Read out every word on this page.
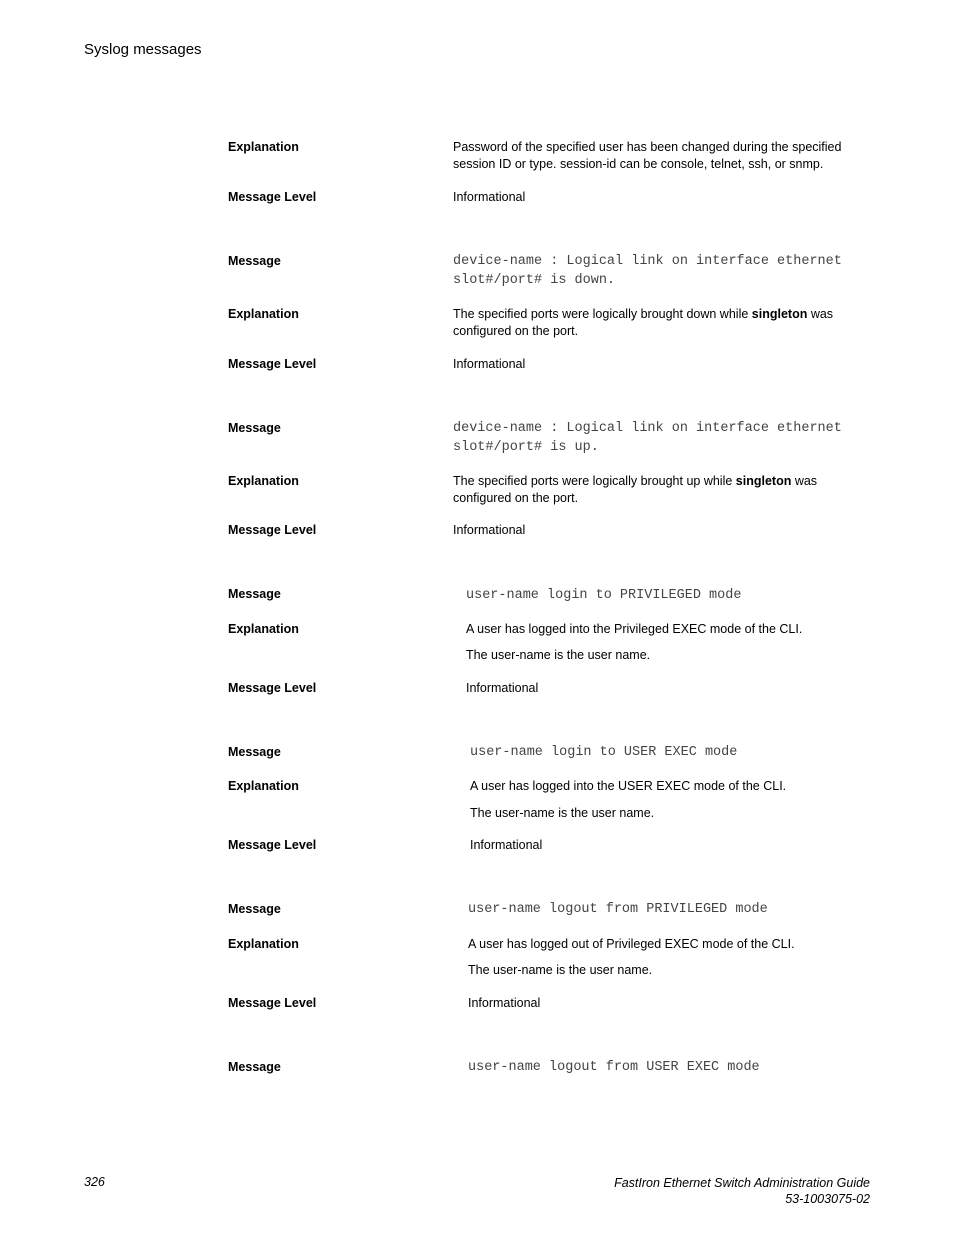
Syslog messages
Explanation	Password of the specified user has been changed during the specified
session ID or type. session-id can be console, telnet, ssh, or snmp.
Message Level	Informational
Message	device-name : Logical link on interface ethernet
slot#/port# is down.
Explanation	The specified ports were logically brought down while singleton was
configured on the port.
Message Level	Informational
Message	device-name : Logical link on interface ethernet
slot#/port# is up.
Explanation	The specified ports were logically brought up while singleton was
configured on the port.
Message Level	Informational
Message	user-name login to PRIVILEGED mode
Explanation	A user has logged into the Privileged EXEC mode of the CLI.
The user-name is the user name.
Message Level	Informational
Message	user-name login to USER EXEC mode
Explanation	A user has logged into the USER EXEC mode of the CLI.
The user-name is the user name.
Message Level	Informational
Message	user-name logout from PRIVILEGED mode
Explanation	A user has logged out of Privileged EXEC mode of the CLI.
The user-name is the user name.
Message Level	Informational
Message	user-name logout from USER EXEC mode
326	FastIron Ethernet Switch Administration Guide
53-1003075-02
